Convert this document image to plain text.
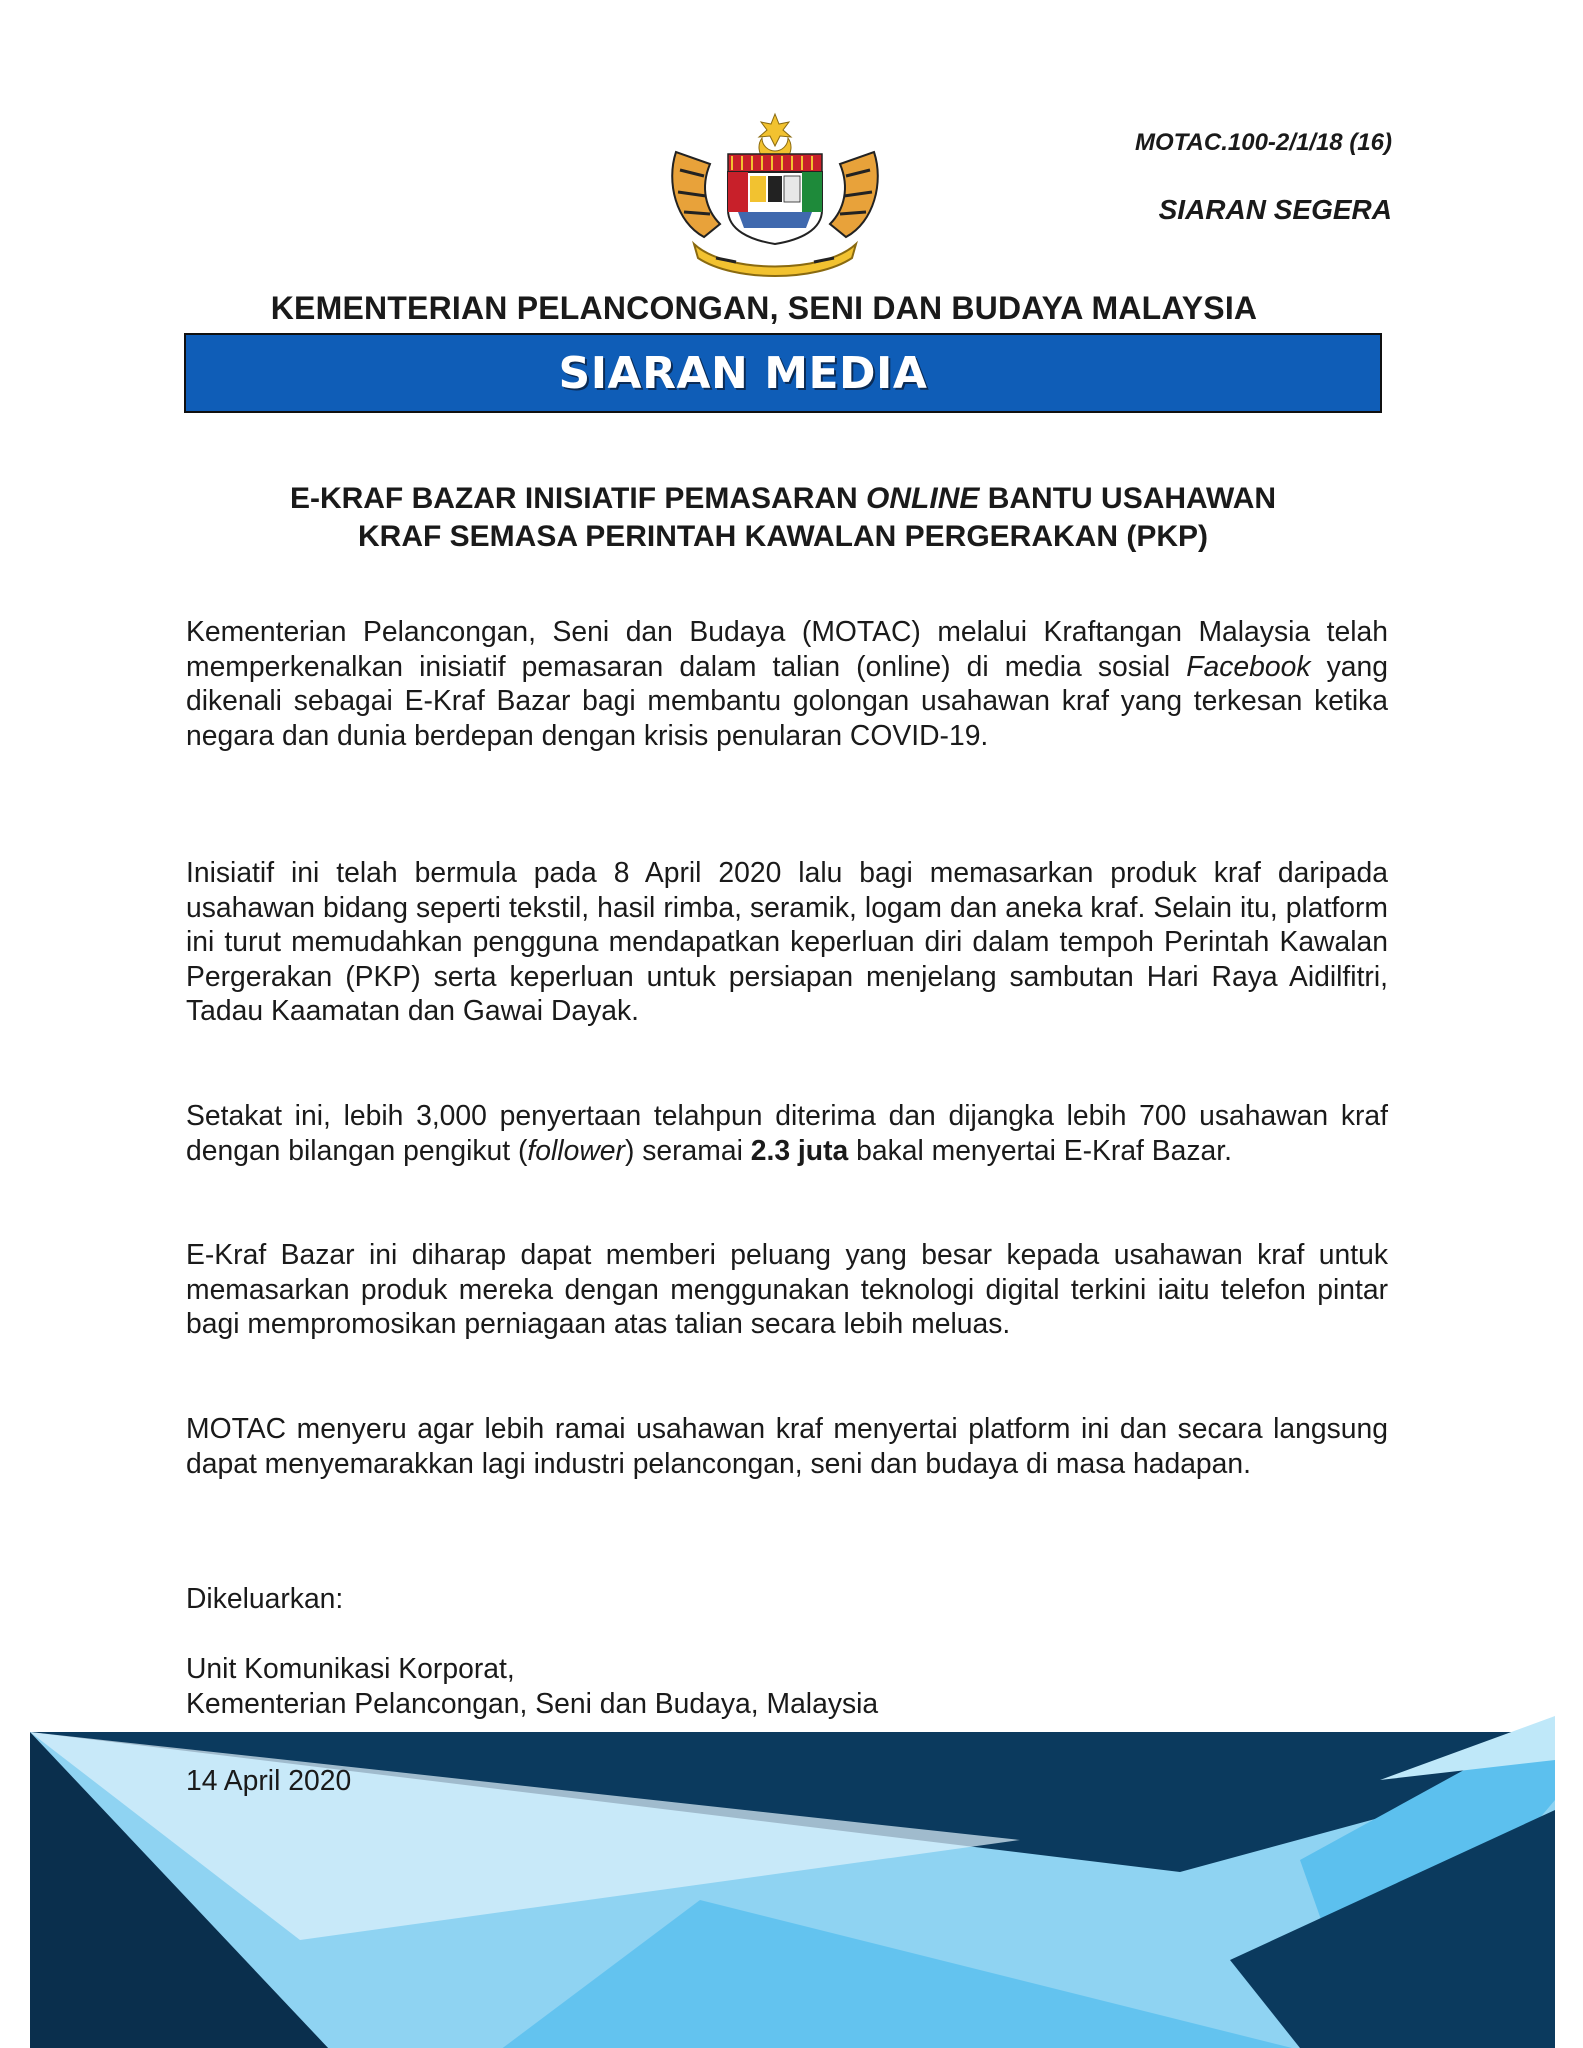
MOTAC.100-2/1/18 (16)
SIARAN SEGERA
KEMENTERIAN PELANCONGAN, SENI DAN BUDAYA MALAYSIA
SIARAN MEDIA
E-KRAF BAZAR INISIATIF PEMASARAN ONLINE BANTU USAHAWAN
KRAF SEMASA PERINTAH KAWALAN PERGERAKAN (PKP)
Kementerian Pelancongan, Seni dan Budaya (MOTAC) melalui Kraftangan Malaysia telah memperkenalkan inisiatif pemasaran dalam talian (online) di media sosial Facebook yang dikenali sebagai E-Kraf Bazar bagi membantu golongan usahawan kraf yang terkesan ketika negara dan dunia berdepan dengan krisis penularan COVID-19.
Inisiatif ini telah bermula pada 8 April 2020 lalu bagi memasarkan produk kraf daripada usahawan bidang seperti tekstil, hasil rimba, seramik, logam dan aneka kraf. Selain itu, platform ini turut memudahkan pengguna mendapatkan keperluan diri dalam tempoh Perintah Kawalan Pergerakan (PKP) serta keperluan untuk persiapan menjelang sambutan Hari Raya Aidilfitri, Tadau Kaamatan dan Gawai Dayak.
Setakat ini, lebih 3,000 penyertaan telahpun diterima dan dijangka lebih 700 usahawan kraf dengan bilangan pengikut (follower) seramai 2.3 juta bakal menyertai E-Kraf Bazar.
E-Kraf Bazar ini diharap dapat memberi peluang yang besar kepada usahawan kraf untuk memasarkan produk mereka dengan menggunakan teknologi digital terkini iaitu telefon pintar bagi mempromosikan perniagaan atas talian secara lebih meluas.
MOTAC menyeru agar lebih ramai usahawan kraf menyertai platform ini dan secara langsung dapat menyemarakkan lagi industri pelancongan, seni dan budaya di masa hadapan.
Dikeluarkan:
Unit Komunikasi Korporat,
Kementerian Pelancongan, Seni dan Budaya, Malaysia
14 April 2020
